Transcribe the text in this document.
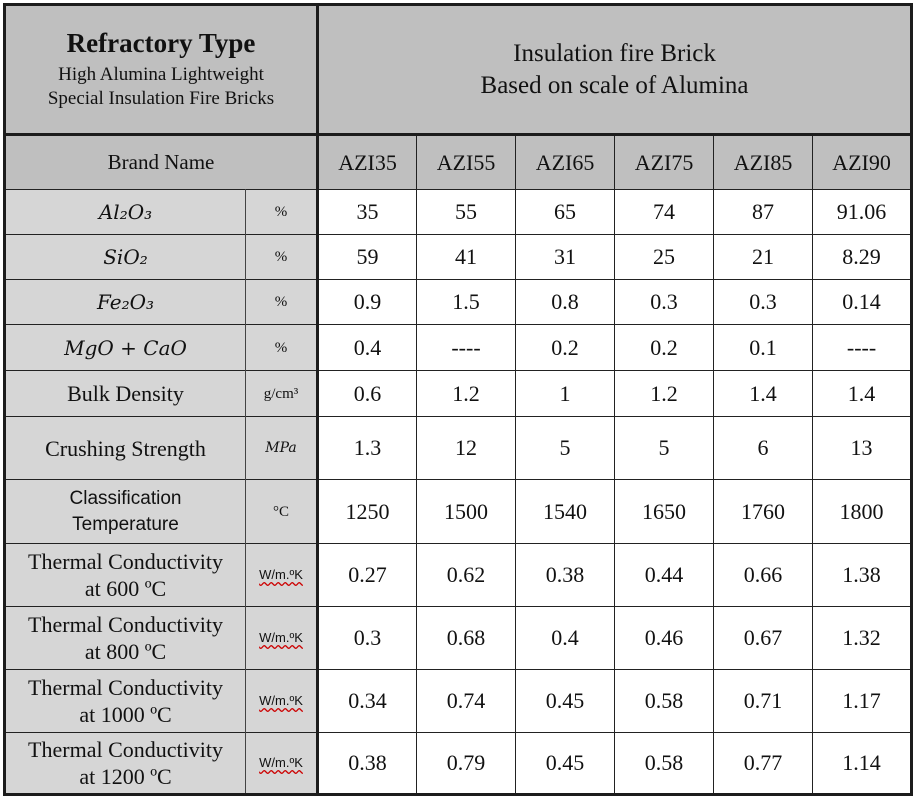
Refractory Type
High Alumina Lightweight
Special Insulation Fire Bricks		Insulation fire Brick
Based on scale of Alumina					

Brand Name		AZI35	AZI55	AZI65	AZI75	AZI85	AZI90
Al₂O₃	%	35	55	65	74	87	91.06
SiO₂	%	59	41	31	25	21	8.29
Fe₂O₃	%	0.9	1.5	0.8	0.3	0.3	0.14
MgO + CaO	%	0.4	----	0.2	0.2	0.1	----
Bulk Density	g/cm³	0.6	1.2	1	1.2	1.4	1.4
Crushing Strength	MPa	1.3	12	5	5	6	13
Classification
Temperature	°C	1250	1500	1540	1650	1760	1800
Thermal Conductivity
at 600 ºC	W/m.ºK	0.27	0.62	0.38	0.44	0.66	1.38
Thermal Conductivity
at 800 ºC	W/m.ºK	0.3	0.68	0.4	0.46	0.67	1.32
Thermal Conductivity
at 1000 ºC	W/m.ºK	0.34	0.74	0.45	0.58	0.71	1.17
Thermal Conductivity
at 1200 ºC	W/m.ºK	0.38	0.79	0.45	0.58	0.77	1.14
